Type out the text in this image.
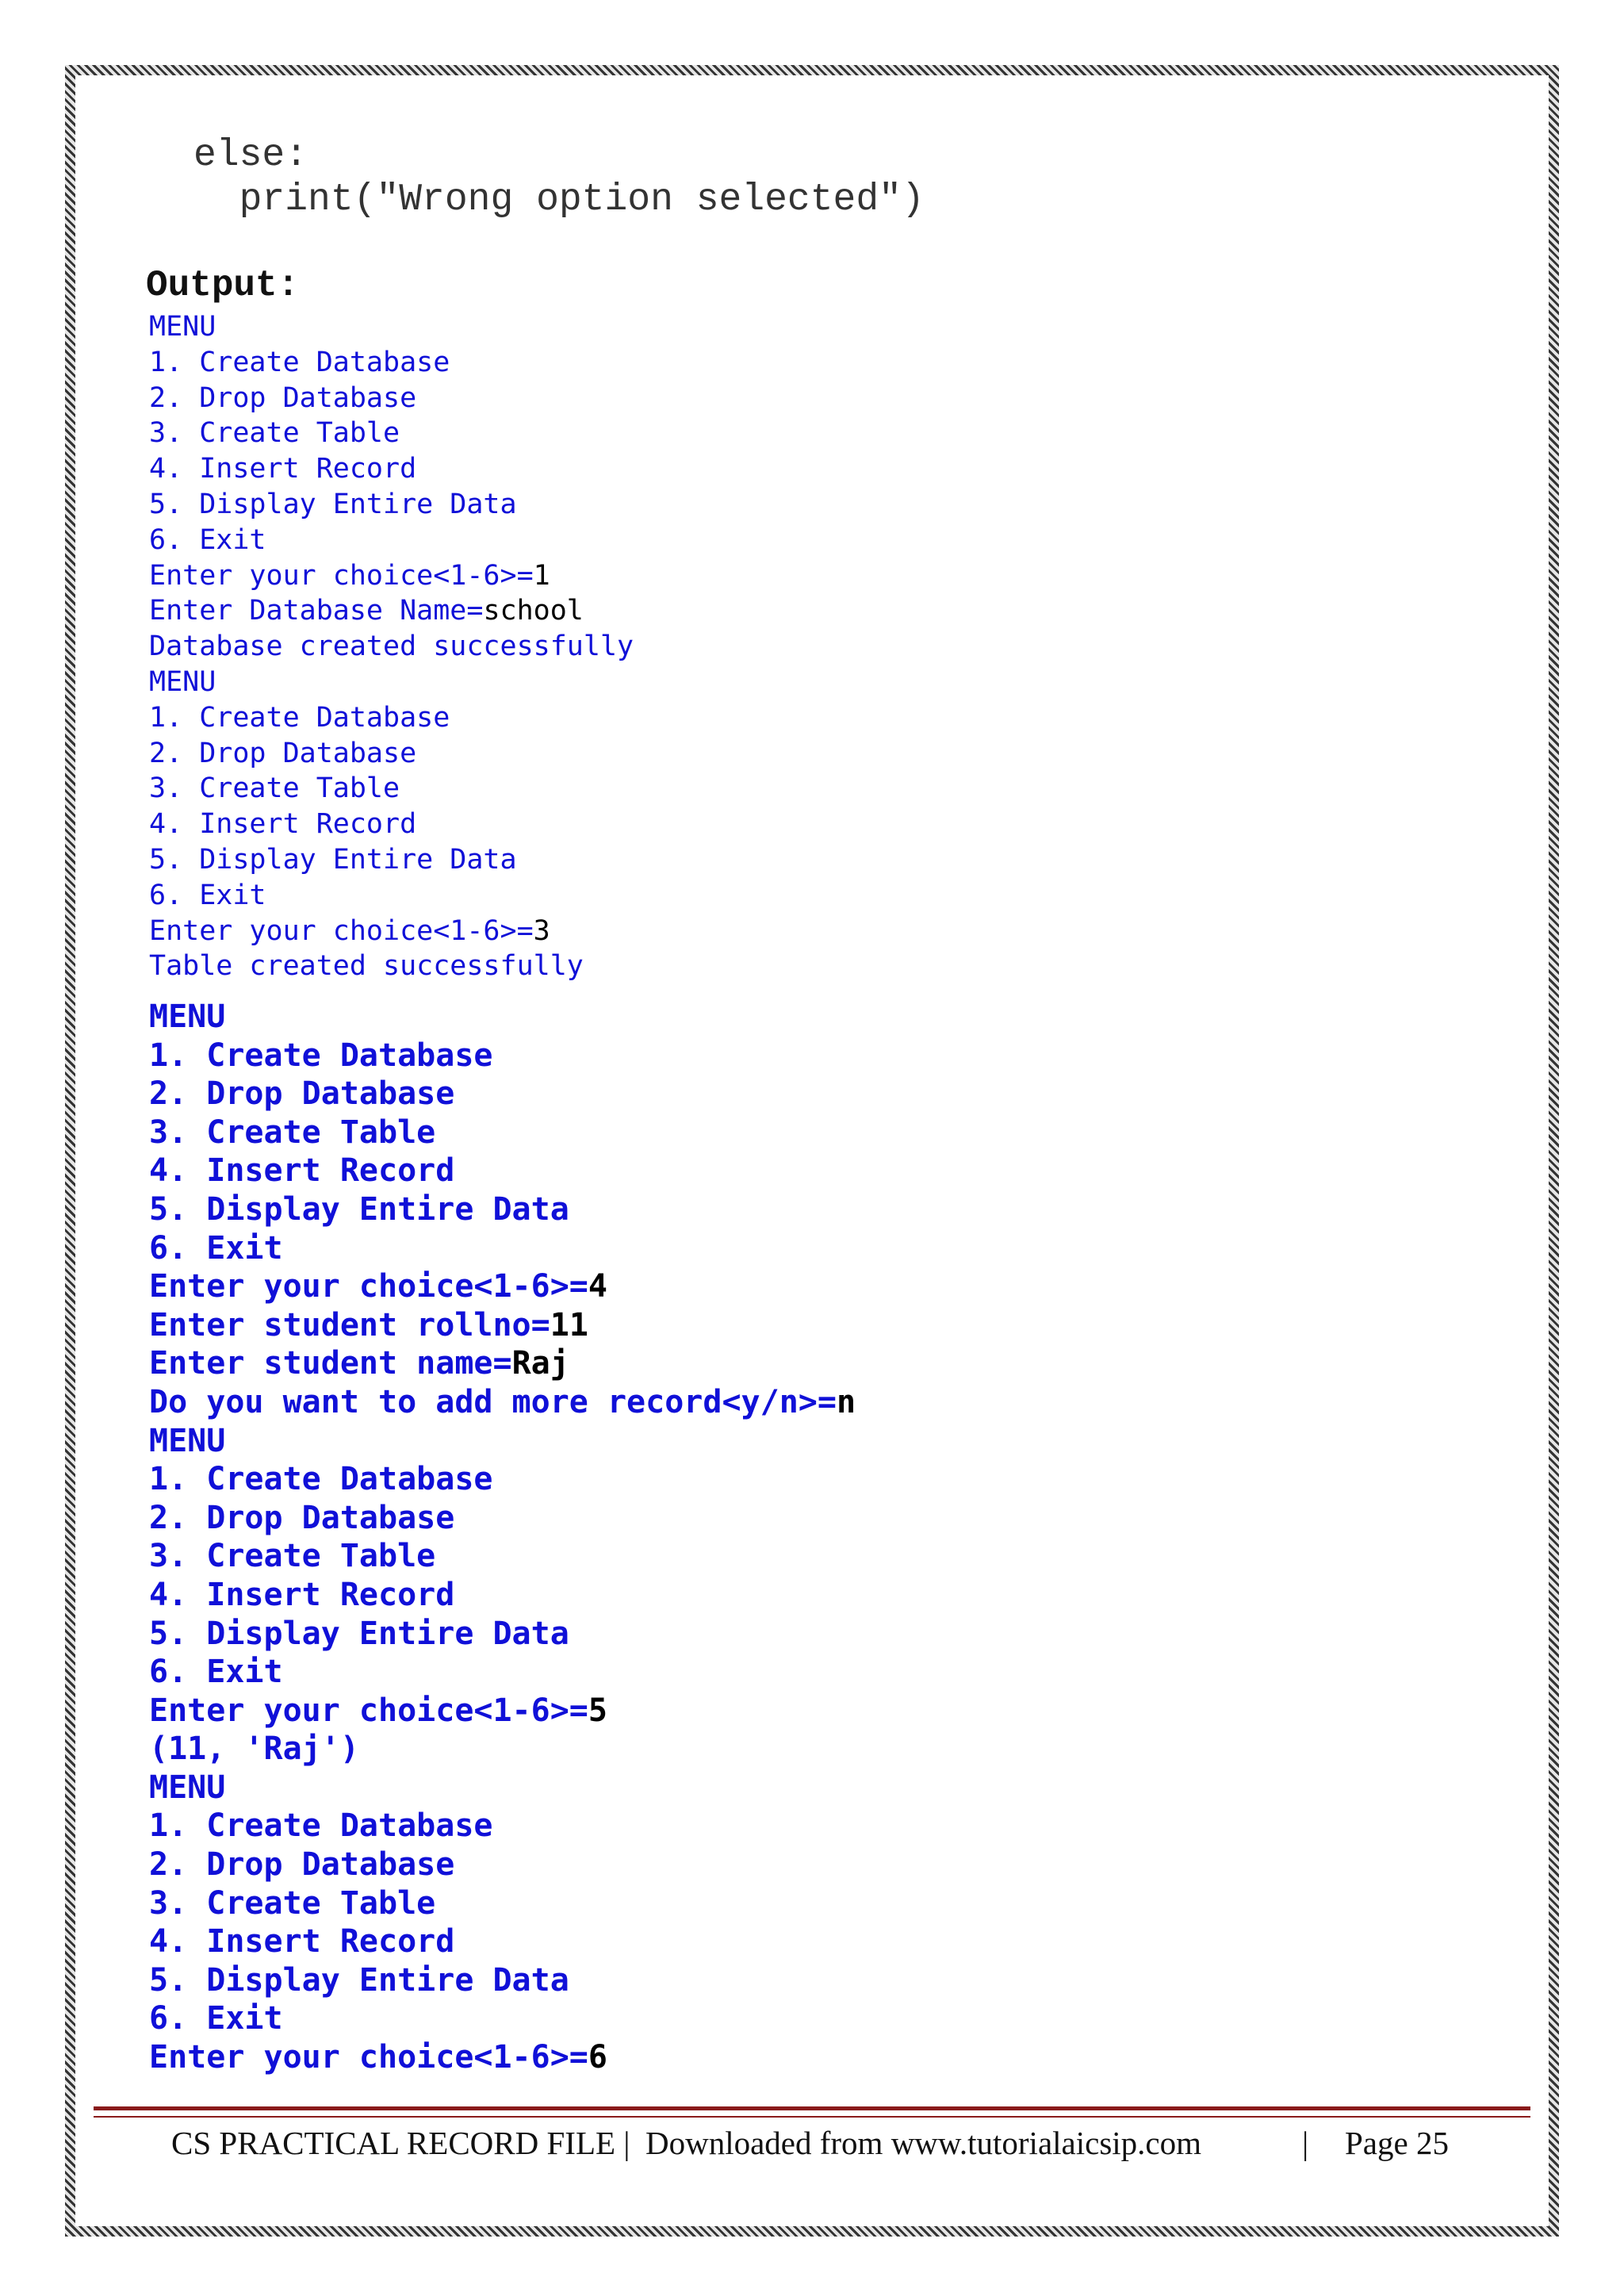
else:
print("Wrong option selected")
Output:
MENU
1. Create Database
2. Drop Database
3. Create Table
4. Insert Record
5. Display Entire Data
6. Exit
Enter your choice<1-6>=1
Enter Database Name=school
Database created successfully
MENU
1. Create Database
2. Drop Database
3. Create Table
4. Insert Record
5. Display Entire Data
6. Exit
Enter your choice<1-6>=3
Table created successfully
MENU
1. Create Database
2. Drop Database
3. Create Table
4. Insert Record
5. Display Entire Data
6. Exit
Enter your choice<1-6>=4
Enter student rollno=11
Enter student name=Raj
Do you want to add more record<y/n>=n
MENU
1. Create Database
2. Drop Database
3. Create Table
4. Insert Record
5. Display Entire Data
6. Exit
Enter your choice<1-6>=5
(11, 'Raj')
MENU
1. Create Database
2. Drop Database
3. Create Table
4. Insert Record
5. Display Entire Data
6. Exit
Enter your choice<1-6>=6
CS PRACTICAL RECORD FILE | Downloaded from www.tutorialaicsip.com	| Page 25
